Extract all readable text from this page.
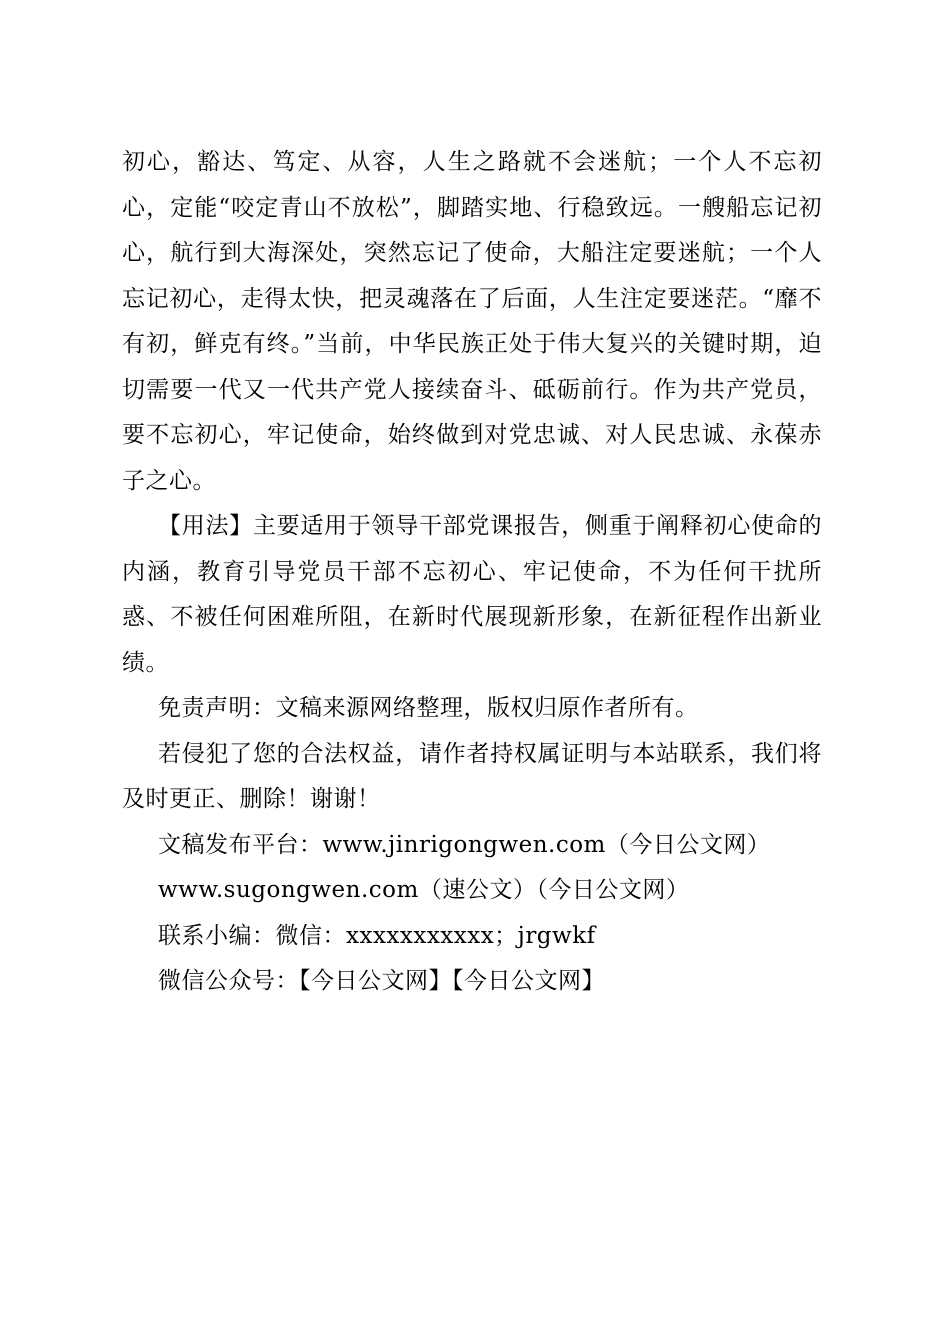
初心，豁达、笃定、从容，人生之路就不会迷航；一个人不忘初心，定能“咬定青山不放松”，脚踏实地、行稳致远。一艘船忘记初心，航行到大海深处，突然忘记了使命，大船注定要迷航；一个人忘记初心，走得太快，把灵魂落在了后面，人生注定要迷茫。“靡不有初，鲜克有终。”当前，中华民族正处于伟大复兴的关键时期，迫切需要一代又一代共产党人接续奋斗、砥砺前行。作为共产党员，要不忘初心，牢记使命，始终做到对党忠诚、对人民忠诚、永葆赤子之心。

【用法】主要适用于领导干部党课报告，侧重于阐释初心使命的内涵，教育引导党员干部不忘初心、牢记使命，不为任何干扰所惑、不被任何困难所阻，在新时代展现新形象，在新征程作出新业绩。

免责声明：文稿来源网络整理，版权归原作者所有。

若侵犯了您的合法权益，请作者持权属证明与本站联系，我们将及时更正、删除！谢谢！

文稿发布平台：www.jinrigongwen.com（今日公文网）

www.sugongwen.com（速公文）（今日公文网）

联系小编：微信：xxxxxxxxxxx；jrgwkf

微信公众号：【今日公文网】【今日公文网】
